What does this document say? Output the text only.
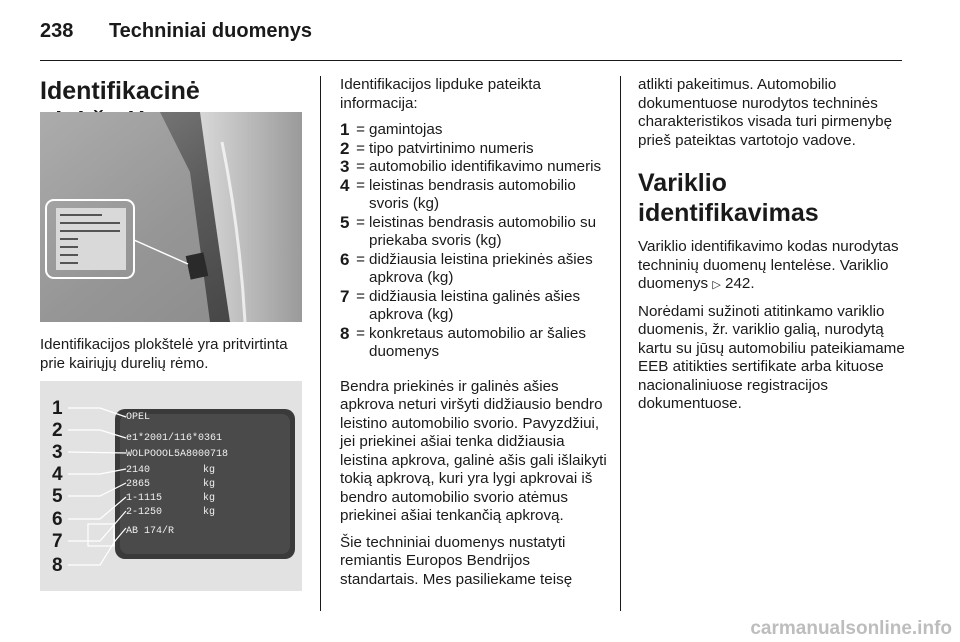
238 Techniniai duomenys
Identifikacinė
Identifikacijos plokštelė yra pritvirtinta prie kairiųjų durelių rėmo.
1
2
3
4
5
6
7
8
OPEL
e1*2001/116*0361
WOLPOOOL5A8000718
2140
2865
1-1115
2-1250
AB 174/R
kg
kg
kg
kg

Identifikacijos lipduke pateikta informacija:

1 = gamintojas
2 = tipo patvirtinimo numeris
3 = automobilio identifikavimo numeris
4 = leistinas bendrasis automobilio svoris (kg)
5 = leistinas bendrasis automobilio su priekaba svoris (kg)
6 = didžiausia leistina priekinės ašies apkrova (kg)
7 = didžiausia leistina galinės ašies apkrova (kg)
8 = konkretaus automobilio ar šalies duomenys

Bendra priekinės ir galinės ašies apkrova neturi viršyti didžiausio bendro leistino automobilio svorio. Pavyzdžiui, jei priekinei ašiai tenka didžiausia leistina apkrova, galinė ašis gali išlaikyti tokią apkrovą, kuri yra lygi apkrovai iš bendro automobilio svorio atėmus priekinei ašiai tenkančią apkrovą.

Šie techniniai duomenys nustatyti remiantis Europos Bendrijos standartais. Mes pasiliekame teisę

atlikti pakeitimus. Automobilio dokumentuose nurodytos techninės charakteristikos visada turi pirmenybę prieš pateiktas vartotojo vadove.

Variklio identifikavimas

Variklio identifikavimo kodas nurodytas techninių duomenų lentelėse. Variklio duomenys ▷ 242.

Norėdami sužinoti atitinkamo variklio duomenis, žr. variklio galią, nurodytą kartu su jūsų automobiliu pateikiamame EEB atitikties sertifikate arba kituose nacionaliniuose registracijos dokumentuose.

carmanualsonline.info
